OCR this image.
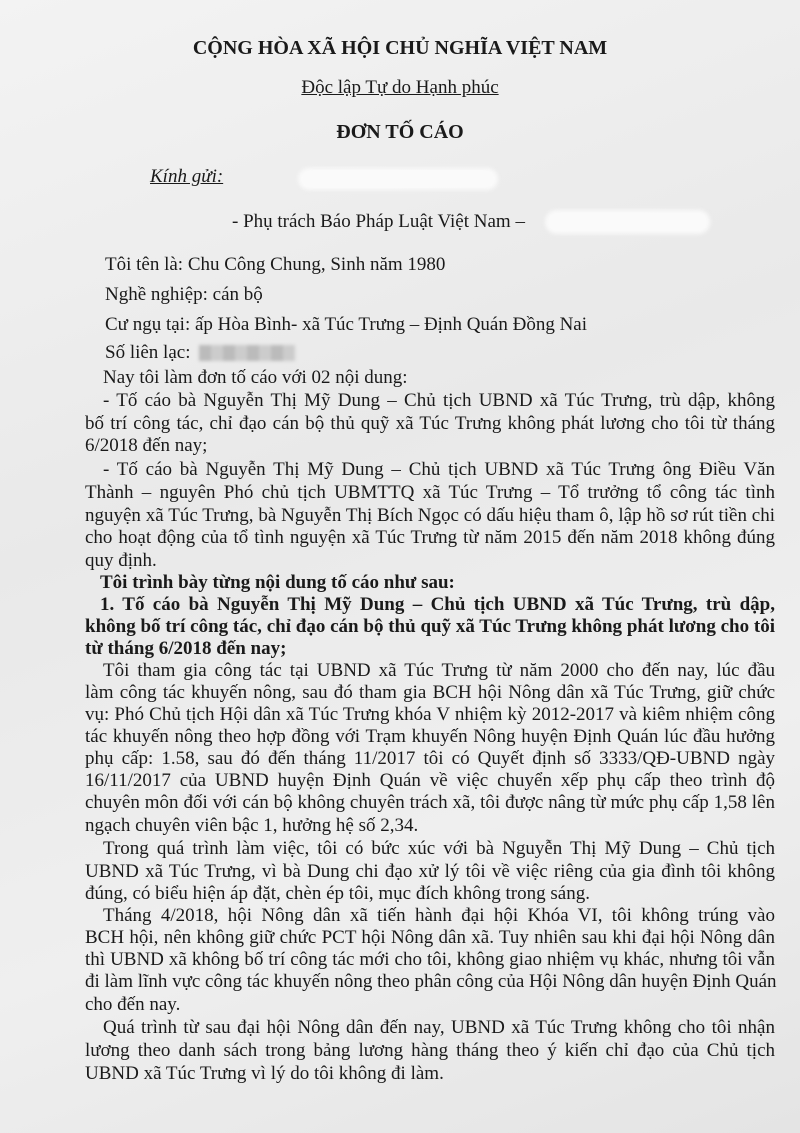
CỘNG HÒA XÃ HỘI CHỦ NGHĨA VIỆT NAM
Độc lập Tự do Hạnh phúc
ĐƠN TỐ CÁO
Kính gửi:
- Phụ trách Báo Pháp Luật Việt Nam –
Tôi tên là: Chu Công Chung, Sinh năm 1980
Nghề nghiệp: cán bộ
Cư ngụ tại: ấp Hòa Bình- xã Túc Trưng – Định Quán Đồng Nai
Số liên lạc:
Nay tôi làm đơn tố cáo với 02 nội dung:
- Tố cáo bà Nguyễn Thị Mỹ Dung – Chủ tịch UBND xã Túc Trưng, trù dập, không
bố trí công tác, chỉ đạo cán bộ thủ quỹ xã Túc Trưng không phát lương cho tôi từ tháng
6/2018 đến nay;
- Tố cáo bà Nguyễn Thị Mỹ Dung – Chủ tịch UBND xã Túc Trưng ông Điều Văn
Thành – nguyên Phó chủ tịch UBMTTQ xã Túc Trưng – Tổ trưởng tổ công tác tình
nguyện xã Túc Trưng, bà Nguyễn Thị Bích Ngọc có dấu hiệu tham ô, lập hồ sơ rút tiền chi
cho hoạt động của tổ tình nguyện xã Túc Trưng từ năm 2015 đến năm 2018 không đúng
quy định.
Tôi trình bày từng nội dung tố cáo như sau:
1. Tố cáo bà Nguyễn Thị Mỹ Dung – Chủ tịch UBND xã Túc Trưng, trù dập,
không bố trí công tác, chỉ đạo cán bộ thủ quỹ xã Túc Trưng không phát lương cho tôi
từ tháng 6/2018 đến nay;
Tôi tham gia công tác tại UBND xã Túc Trưng từ năm 2000 cho đến nay, lúc đầu
làm công tác khuyến nông, sau đó tham gia BCH hội Nông dân xã Túc Trưng, giữ chức
vụ: Phó Chủ tịch Hội dân xã Túc Trưng khóa V nhiệm kỳ 2012-2017 và kiêm nhiệm công
tác khuyến nông theo hợp đồng với Trạm khuyến Nông huyện Định Quán lúc đầu hưởng
phụ cấp: 1.58, sau đó đến tháng 11/2017 tôi có Quyết định số 3333/QĐ-UBND ngày
16/11/2017 của UBND huyện Định Quán về việc chuyển xếp phụ cấp theo trình độ
chuyên môn đối với cán bộ không chuyên trách xã, tôi được nâng từ mức phụ cấp 1,58 lên
ngạch chuyên viên bậc 1, hưởng hệ số 2,34.
Trong quá trình làm việc, tôi có bức xúc với bà Nguyễn Thị Mỹ Dung – Chủ tịch
UBND xã Túc Trưng, vì bà Dung chi đạo xử lý tôi về việc riêng của gia đình tôi không
đúng, có biểu hiện áp đặt, chèn ép tôi, mục đích không trong sáng.
Tháng 4/2018, hội Nông dân xã tiến hành đại hội Khóa VI, tôi không trúng vào
BCH hội, nên không giữ chức PCT hội Nông dân xã. Tuy nhiên sau khi đại hội Nông dân
thì UBND xã không bố trí công tác mới cho tôi, không giao nhiệm vụ khác, nhưng tôi vẫn
đi làm lĩnh vực công tác khuyến nông theo phân công của Hội Nông dân huyện Định Quán
cho đến nay.
Quá trình từ sau đại hội Nông dân đến nay, UBND xã Túc Trưng không cho tôi nhận
lương theo danh sách trong bảng lương hàng tháng theo ý kiến chỉ đạo của Chủ tịch
UBND xã Túc Trưng vì lý do tôi không đi làm.
